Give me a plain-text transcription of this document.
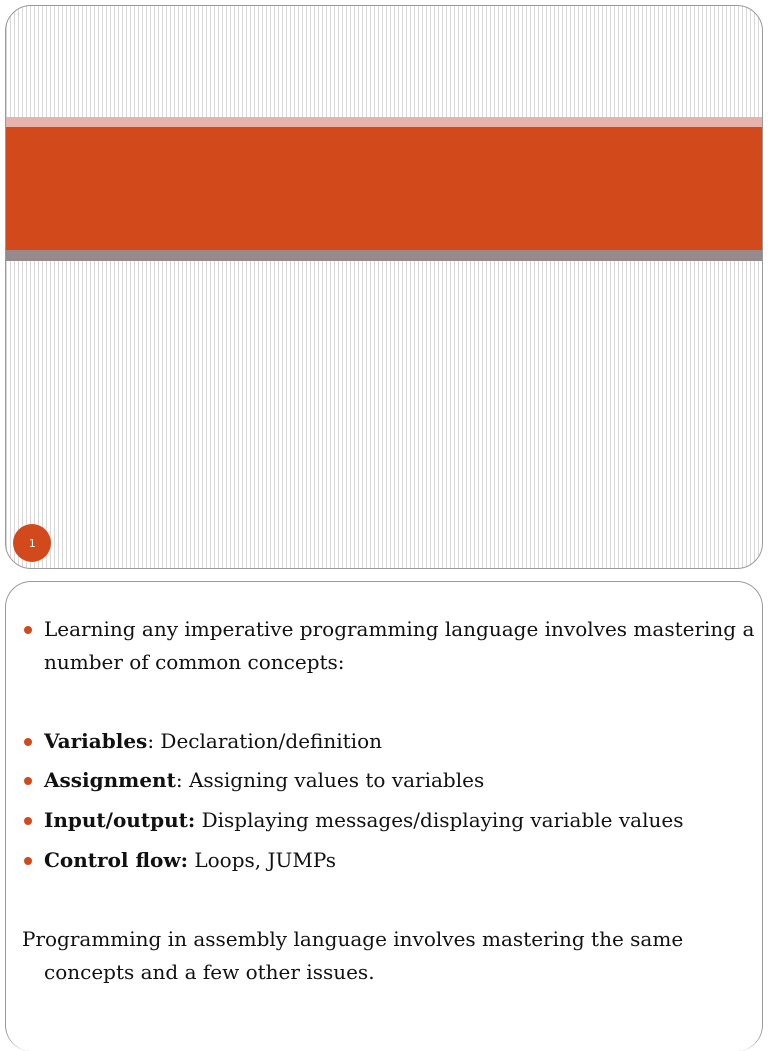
1
Learning any imperative programming language involves mastering a
number of common concepts:
Variables: Declaration/definition
Assignment: Assigning values to variables
Input/output: Displaying messages/displaying variable values
Control flow: Loops, JUMPs
Programming in assembly language involves mastering the same
concepts and a few other issues.
